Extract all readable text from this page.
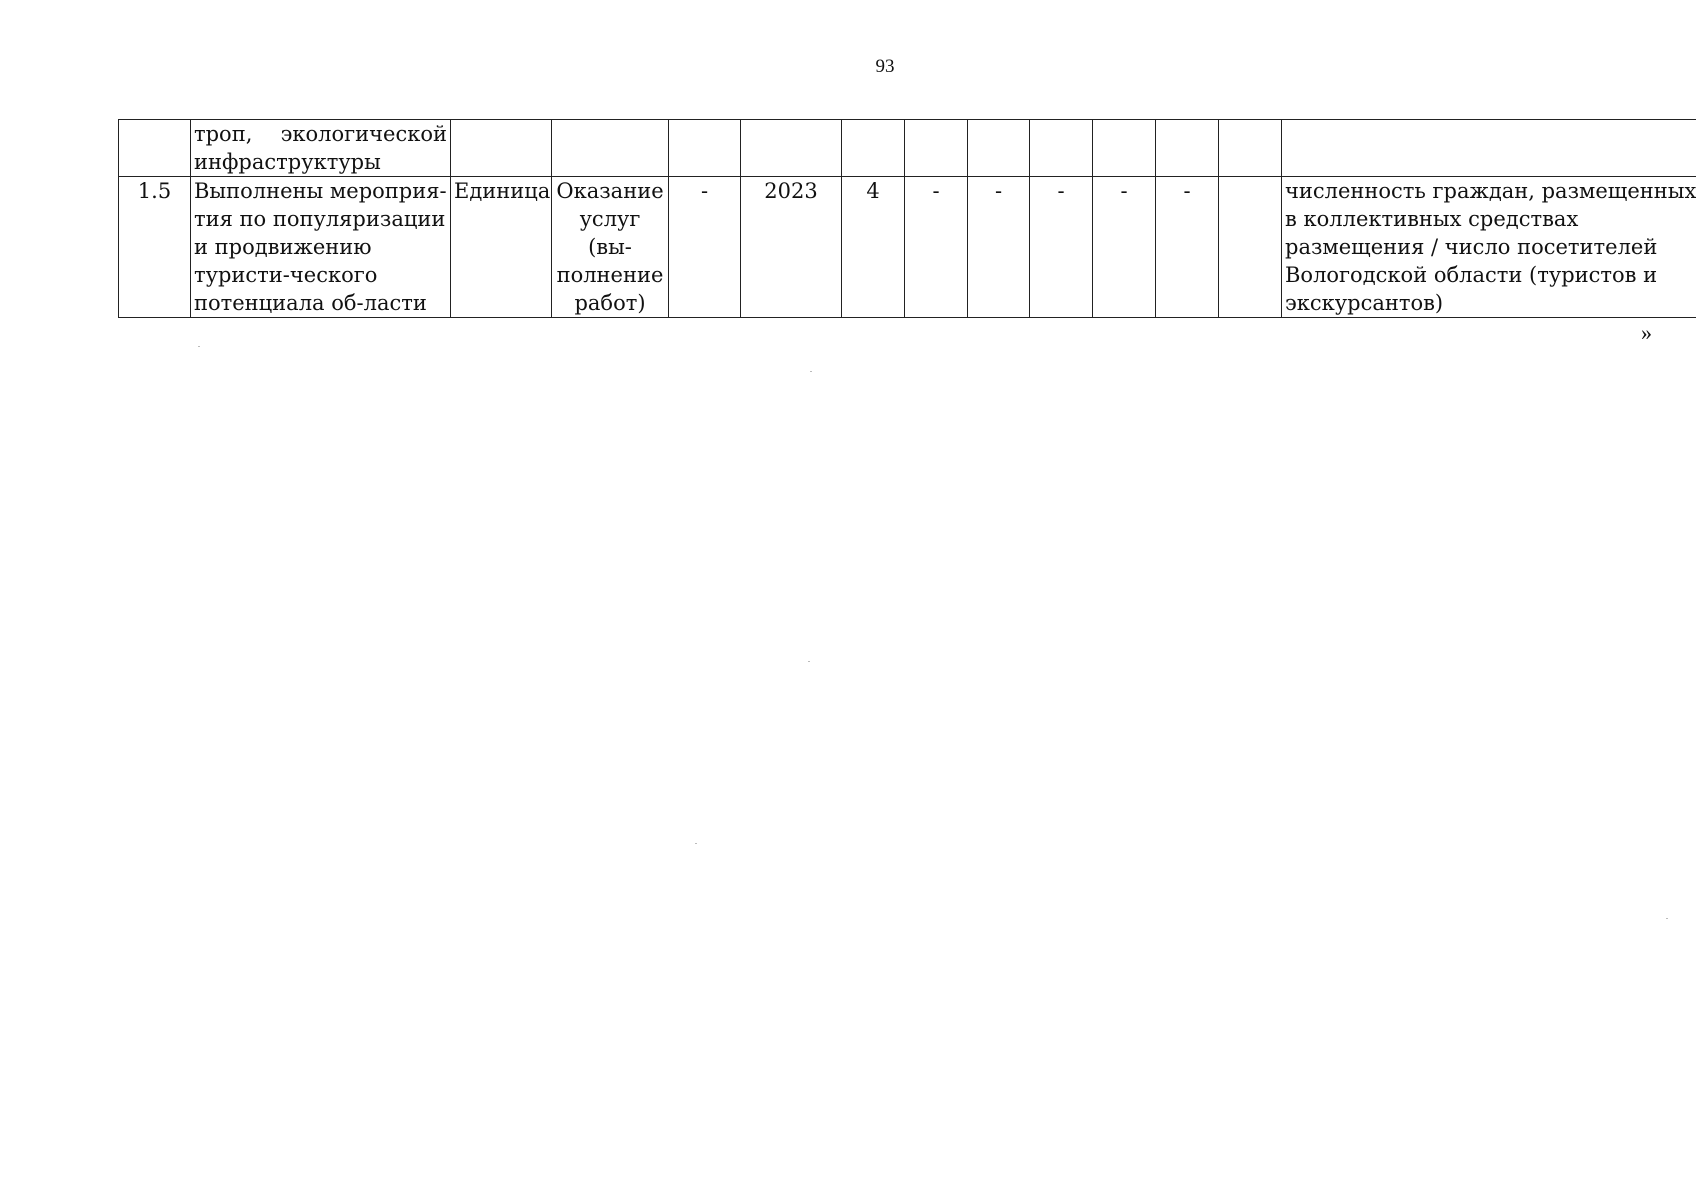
93
	троп, экологической инфраструктуры												
1.5	Выполнены мероприя-тия по популяризации и продвижению туристи-ческого потенциала об-ласти	Единица	Оказание услуг (вы-полнение работ)	-	2023	4	-	-	-	-	-		численность граждан, размещенных в коллективных средствах размещения / число посетителей Вологодской области (туристов и экскурсантов)
»
